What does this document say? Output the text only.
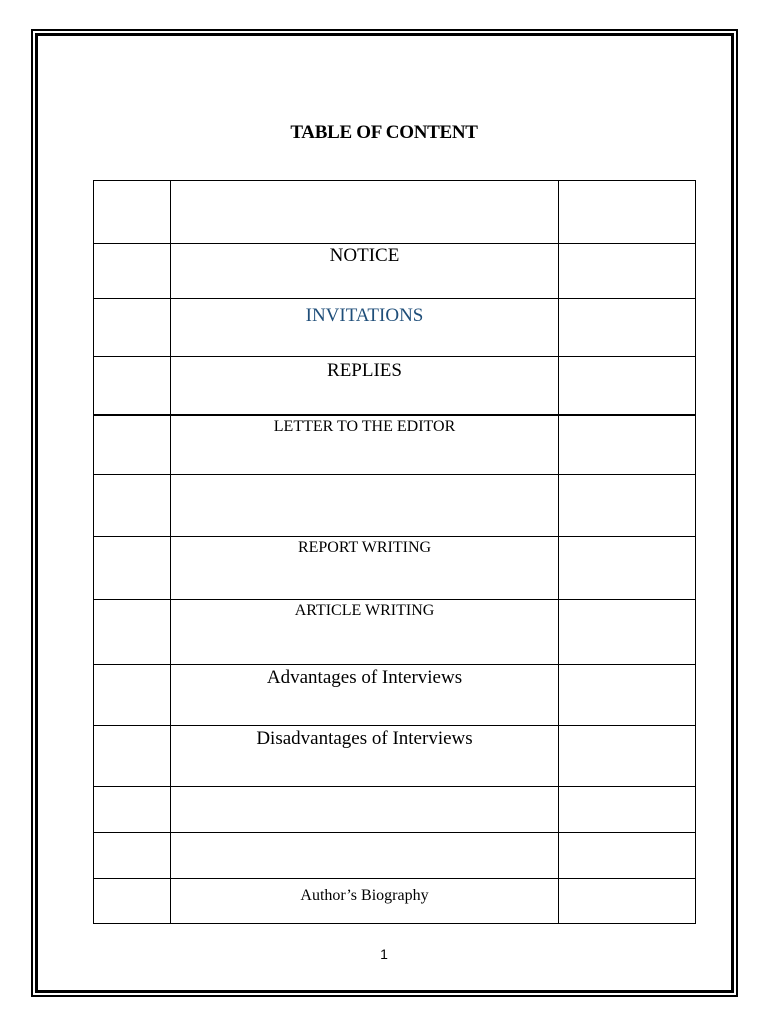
TABLE OF CONTENT

	NOTICE	

	INVITATIONS	

	REPLIES	

	LETTER TO THE EDITOR	

	REPORT WRITING	

	ARTICLE WRITING	

	Advantages of Interviews	

	Disadvantages of Interviews	

	Author’s Biography	

1
